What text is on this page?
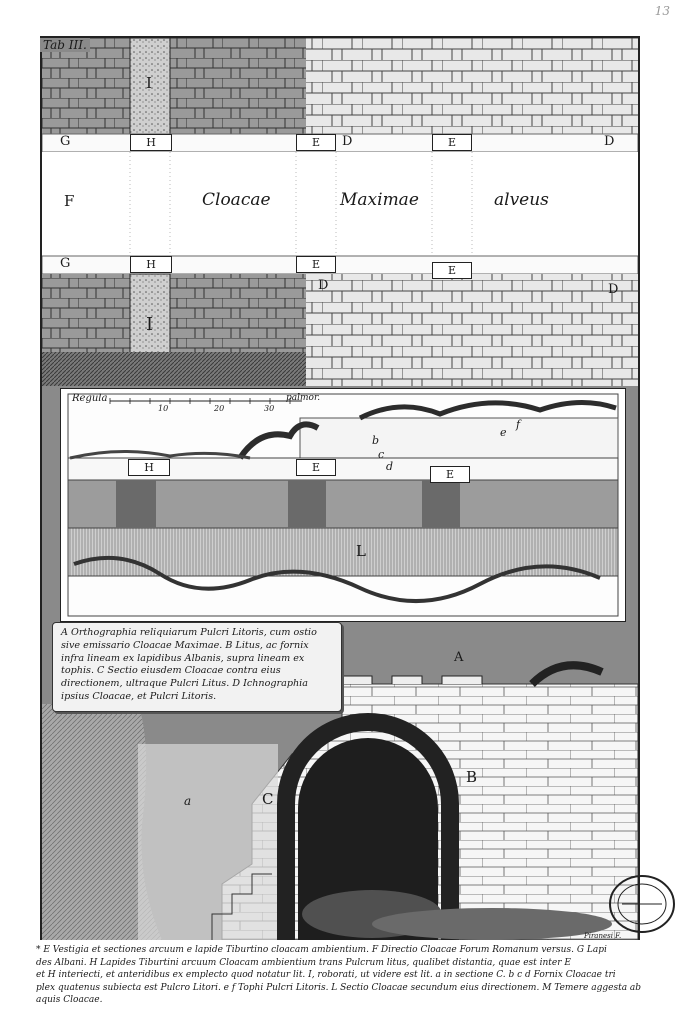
13
G	H	E	D	E	D
I
I
F	Cloacae	Maximae	alveus
G	H	E
D
E
D
Tab III.
Regula
10	20	30
palmor.
H	E
E
L
b
c
d
e
f
A
B
C
a

A Orthographia reliquiarum Pulcri Litoris, cum ostio sive emissario Cloacae Maximae. B Litus, ac fornix infra lineam ex lapidibus Albanis, supra lineam ex tophis. C Sectio eiusdem Cloacae contra eius directionem, ultraque Pulcri Litus. D Ichnographia ipsius Cloacae, et Pulcri Litoris.

* E Vestigia et sectiones arcuum e lapide Tiburtino cloacam ambientium. F Directio Cloacae Forum Romanum versus. G Lapi
des Albani. H Lapides Tiburtini arcuum Cloacam ambientium trans Pulcrum litus, qualibet distantia, quae est inter E
et H interiecti, et anteridibus ex emplecto quod notatur lit. I, roborati, ut videre est lit. a in sectione C. b c d Fornix Cloacae tri
plex quatenus subiecta est Pulcro Litori. e f Tophi Pulcri Litoris. L Sectio Cloacae secundum eius directionem. M Temere aggesta ab aquis Cloacae.
Piranesi F.
